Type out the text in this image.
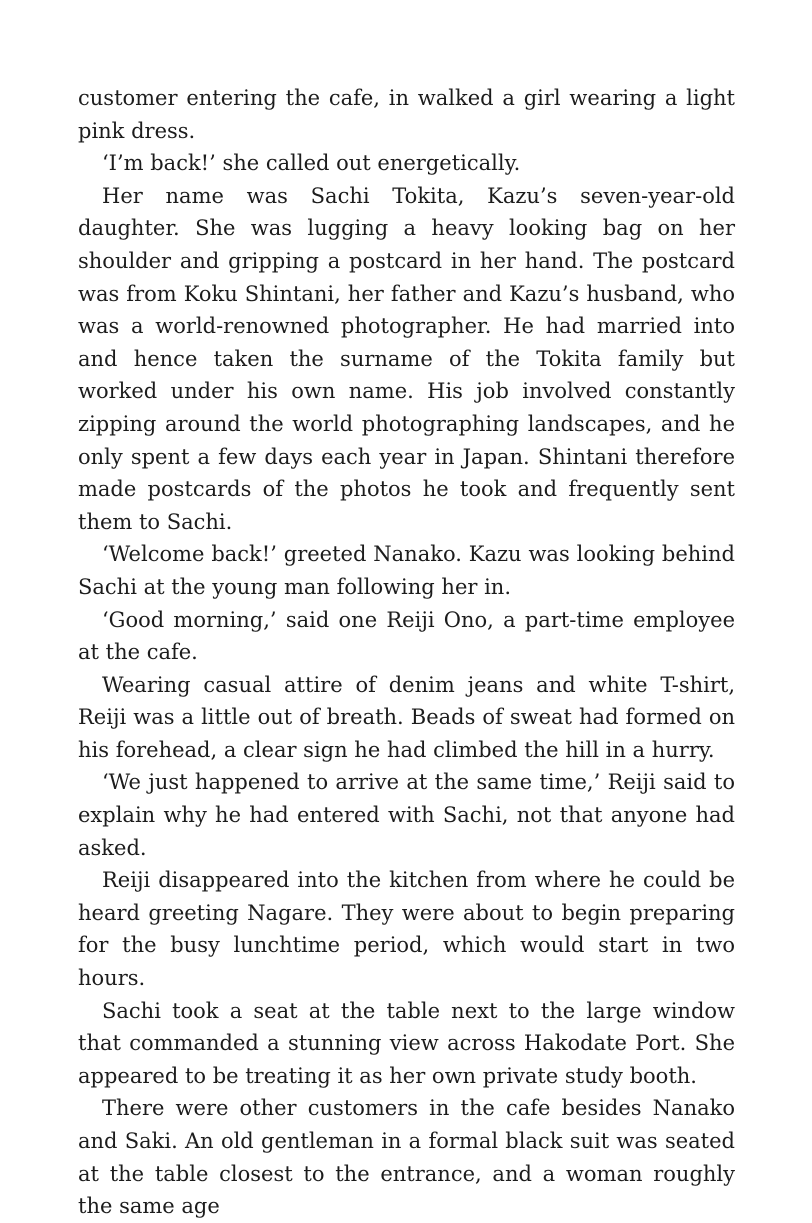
customer entering the cafe, in walked a girl wearing a light pink dress.

‘I’m back!’ she called out energetically.

Her name was Sachi Tokita, Kazu’s seven-year-old daughter. She was lugging a heavy looking bag on her shoulder and gripping a postcard in her hand. The postcard was from Koku Shintani, her father and Kazu’s husband, who was a world-renowned photographer. He had married into and hence taken the surname of the Tokita family but worked under his own name. His job involved constantly zipping around the world photographing landscapes, and he only spent a few days each year in Japan. Shintani therefore made postcards of the photos he took and frequently sent them to Sachi.

‘Welcome back!’ greeted Nanako. Kazu was looking behind Sachi at the young man following her in.

‘Good morning,’ said one Reiji Ono, a part-time employee at the cafe.

Wearing casual attire of denim jeans and white T-shirt, Reiji was a little out of breath. Beads of sweat had formed on his forehead, a clear sign he had climbed the hill in a hurry.

‘We just happened to arrive at the same time,’ Reiji said to explain why he had entered with Sachi, not that anyone had asked.

Reiji disappeared into the kitchen from where he could be heard greeting Nagare. They were about to begin preparing for the busy lunchtime period, which would start in two hours.

Sachi took a seat at the table next to the large window that commanded a stunning view across Hakodate Port. She appeared to be treating it as her own private study booth.

There were other customers in the cafe besides Nanako and Saki. An old gentleman in a formal black suit was seated at the table closest to the entrance, and a woman roughly the same age
